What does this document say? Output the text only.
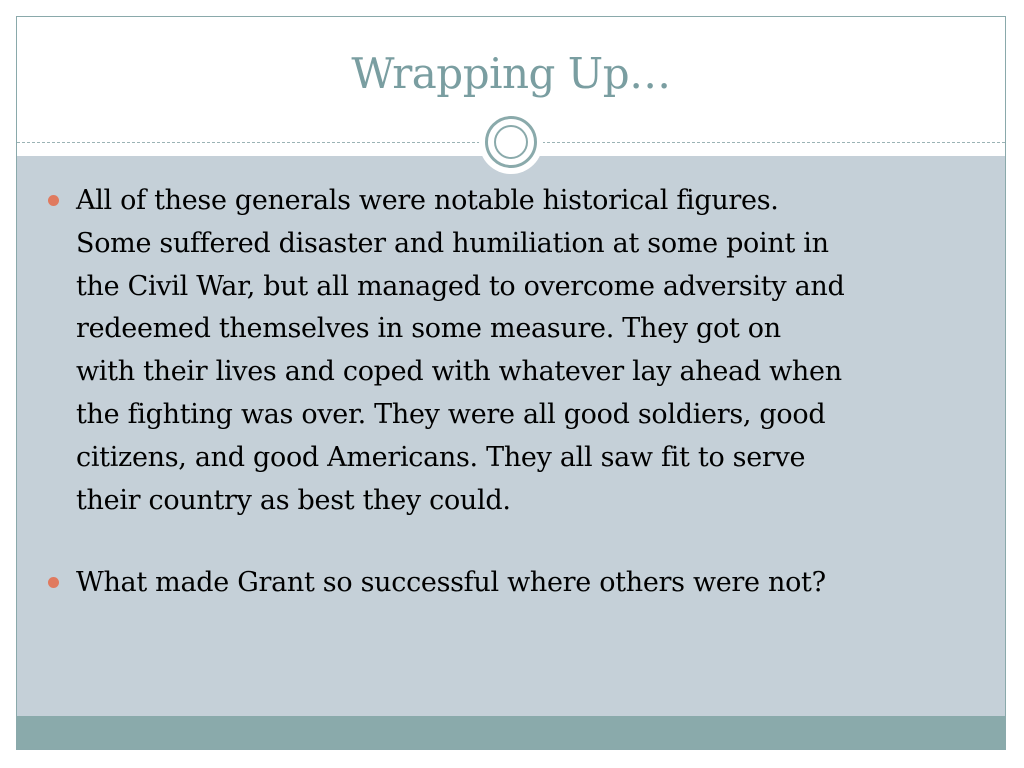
Wrapping Up…
All of these generals were notable historical figures.
Some suffered disaster and humiliation at some point in
the Civil War, but all managed to overcome adversity and
redeemed themselves in some measure. They got on
with their lives and coped with whatever lay ahead when
the fighting was over. They were all good soldiers, good
citizens, and good Americans. They all saw fit to serve
their country as best they could.
What made Grant so successful where others were not?
